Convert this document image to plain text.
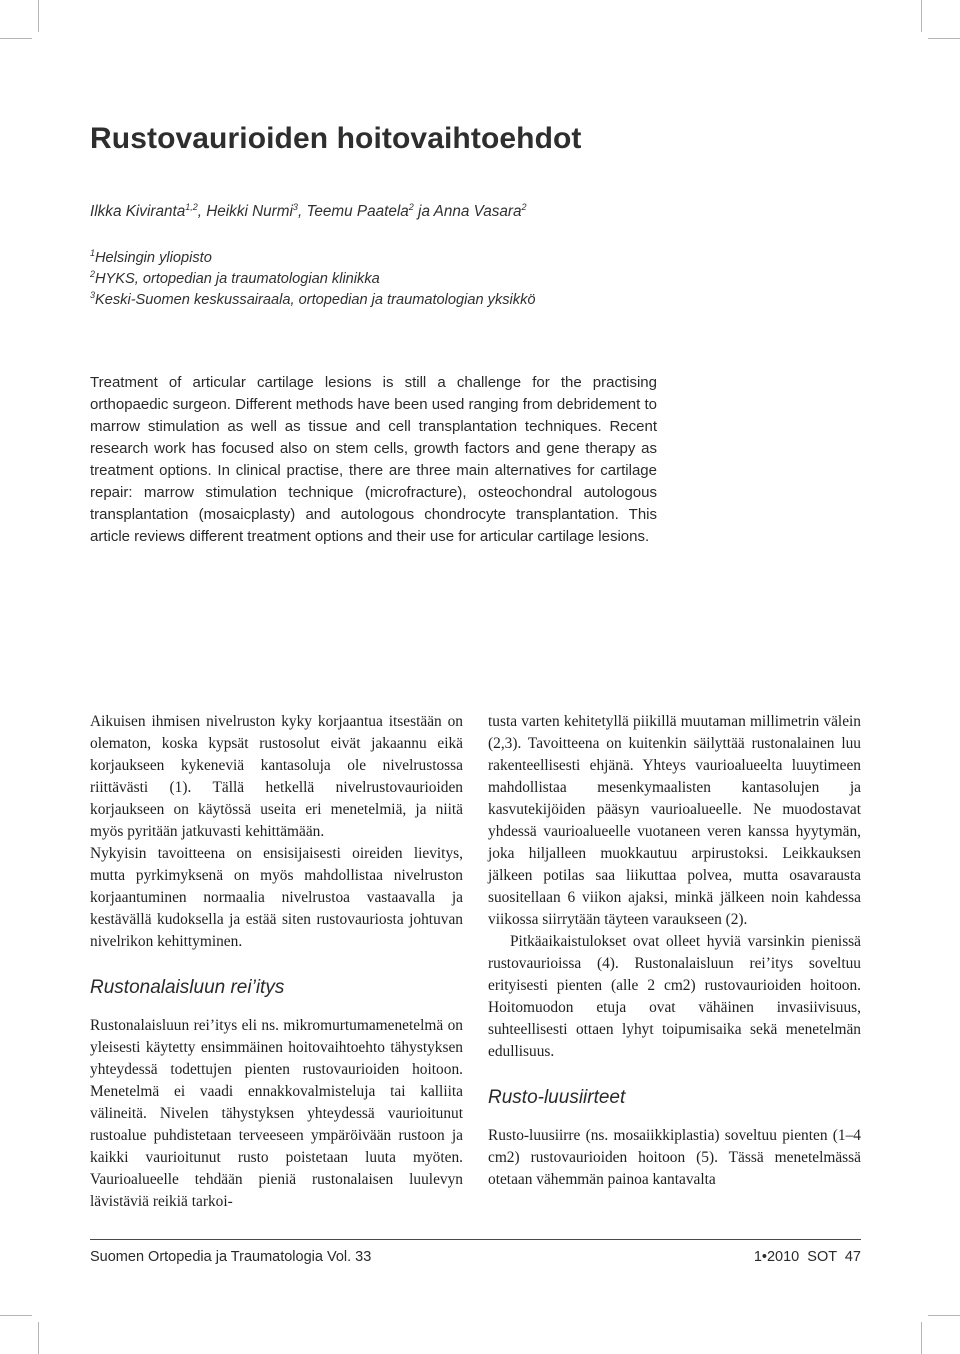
Rustovaurioiden hoitovaihtoehdot

Ilkka Kiviranta$^{1,2}$, Heikki Nurmi$^3$, Teemu Paatela$^2$ ja Anna Vasara$^2$

$^1$Helsingin yliopisto
$^2$HYKS, ortopedian ja traumatologian klinikka
$^3$Keski-Suomen keskussairaala, ortopedian ja traumatologian yksikkö

Treatment of articular cartilage lesions is still a challenge for the practising orthopaedic surgeon. Different methods have been used ranging from debridement to marrow stimulation as well as tissue and cell transplantation techniques. Recent research work has focused also on stem cells, growth factors and gene therapy as treatment options. In clinical practise, there are three main alternatives for cartilage repair: marrow stimulation technique (microfracture), osteochondral autologous transplantation (mosaicplasty) and autologous chondrocyte transplantation. This article reviews different treatment options and their use for articular cartilage lesions.

Aikuisen ihmisen nivelruston kyky korjaantua itsestään on olematon, koska kypsät rustosolut eivät jakaannu eikä korjaukseen kykeneviä kantasoluja ole nivelrustossa riittävästi (1). Tällä hetkellä nivelrustovaurioiden korjaukseen on käytössä useita eri menetelmiä, ja niitä myös pyritään jatkuvasti kehittämään.

Nykyisin tavoitteena on ensisijaisesti oireiden lievitys, mutta pyrkimyksenä on myös mahdollistaa nivelruston korjaantuminen normaalia nivelrustoa vastaavalla ja kestävällä kudoksella ja estää siten rustovauriosta johtuvan nivelrikon kehittyminen.

Rustonalaisluun rei’itys

Rustonalaisluun rei’itys eli ns. mikromurtumamenetelmä on yleisesti käytetty ensimmäinen hoitovaihtoehto tähystyksen yhteydessä todettujen pienten rustovaurioiden hoitoon. Menetelmä ei vaadi ennakkovalmisteluja tai kalliita välineitä. Nivelen tähystyksen yhteydessä vaurioitunut rustoalue puhdistetaan terveeseen ympäröivään rustoon ja kaikki vaurioitunut rusto poistetaan luuta myöten. Vaurioalueelle tehdään pieniä rustonalaisen luulevyn lävistäviä reikiä tarkoi-

tusta varten kehitetyllä piikillä muutaman millimetrin välein (2,3). Tavoitteena on kuitenkin säilyttää rustonalainen luu rakenteellisesti ehjänä. Yhteys vaurioalueelta luuytimeen mahdollistaa mesenkymaalisten kantasolujen ja kasvutekijöiden pääsyn vaurioalueelle. Ne muodostavat yhdessä vaurioalueelle vuotaneen veren kanssa hyytymän, joka hiljalleen muokkautuu arpirustoksi. Leikkauksen jälkeen potilas saa liikuttaa polvea, mutta osavarausta suositellaan 6 viikon ajaksi, minkä jälkeen noin kahdessa viikossa siirrytään täyteen varaukseen (2).

Pitkäaikaistulokset ovat olleet hyviä varsinkin pienissä rustovaurioissa (4). Rustonalaisluun rei’itys soveltuu erityisesti pienten (alle 2 cm2) rustovaurioiden hoitoon. Hoitomuodon etuja ovat vähäinen invasiivisuus, suhteellisesti ottaen lyhyt toipumisaika sekä menetelmän edullisuus.

Rusto-luusiirteet

Rusto-luusiirre (ns. mosaiikkiplastia) soveltuu pienten (1–4 cm2) rustovaurioiden hoitoon (5). Tässä menetelmässä otetaan vähemmän painoa kantavalta

Suomen Ortopedia ja Traumatologia Vol. 33	1•2010  SOT  47
